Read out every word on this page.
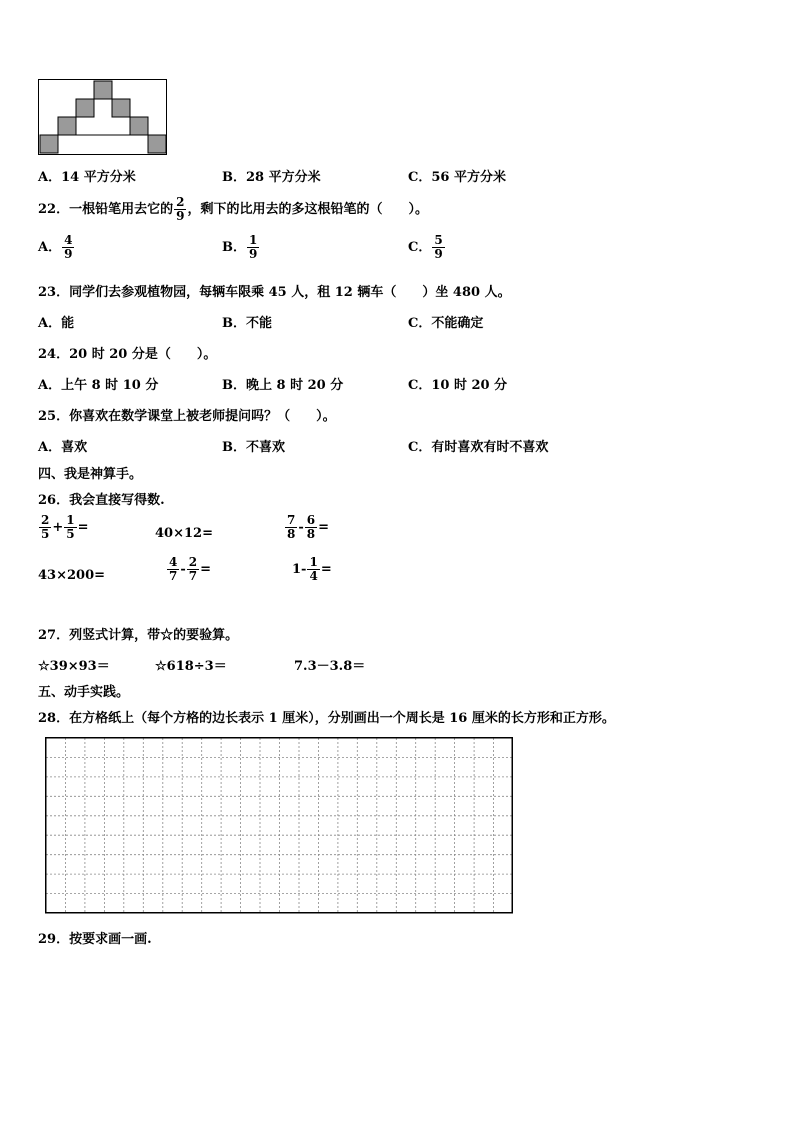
A．14 平方分米	B．28 平方分米	C．56 平方分米
22．一根铅笔用去它的 $\frac{2}{9}$ ，剩下的比用去的多这根铅笔的（　　）。
A． $\frac{4}{9}$	B． $\frac{1}{9}$	C． $\frac{5}{9}$
23．同学们去参观植物园，每辆车限乘 45 人，租 12 辆车（　　）坐 480 人。
A．能	B．不能	C．不能确定
24．20 时 20 分是（　　）。
A．上午 8 时 10 分	B．晚上 8 时 20 分	C．10 时 20 分
25．你喜欢在数学课堂上被老师提问吗？（　　）。
A．喜欢	B．不喜欢	C．有时喜欢有时不喜欢
四、我是神算手。
26．我会直接写得数.
$\frac{2}{5} + \frac{1}{5}$ =	40×12=	$\frac{7}{8} - \frac{6}{8}$ =
43×200=	$\frac{4}{7} - \frac{2}{7}$ =	$1- \frac{1}{4}$ =
27．列竖式计算，带☆的要验算。
☆39×93＝	☆618÷3＝	7.3－3.8＝
五、动手实践。
28．在方格纸上（每个方格的边长表示 1 厘米），分别画出一个周长是 16 厘米的长方形和正方形。
29．按要求画一画.
